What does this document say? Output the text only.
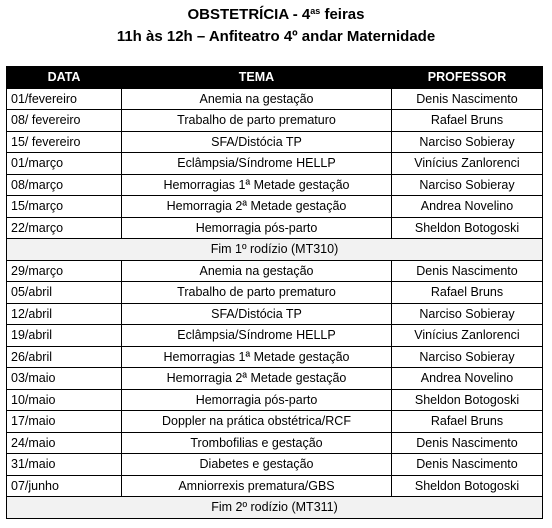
OBSTETRÍCIA - $4^{as}$ feiras
11h às 12h – Anfiteatro 4º andar Maternidade
DATA	TEMA	PROFESSOR
01/fevereiro	Anemia na gestação	Denis Nascimento
08/ fevereiro	Trabalho de parto prematuro	Rafael Bruns
15/ fevereiro	SFA/Distócia TP	Narciso Sobieray
01/março	Eclâmpsia/Síndrome HELLP	Vinícius Zanlorenci
08/março	Hemorragias 1ª Metade gestação	Narciso Sobieray
15/março	Hemorragia 2ª Metade gestação	Andrea Novelino
22/março	Hemorragia pós-parto	Sheldon Botogoski
Fim 1º rodízio (MT310)		
29/março	Anemia na gestação	Denis Nascimento
05/abril	Trabalho de parto prematuro	Rafael Bruns
12/abril	SFA/Distócia TP	Narciso Sobieray
19/abril	Eclâmpsia/Síndrome HELLP	Vinícius Zanlorenci
26/abril	Hemorragias 1ª Metade gestação	Narciso Sobieray
03/maio	Hemorragia 2ª Metade gestação	Andrea Novelino
10/maio	Hemorragia pós-parto	Sheldon Botogoski
17/maio	Doppler na prática obstétrica/RCF	Rafael Bruns
24/maio	Trombofilias e gestação	Denis Nascimento
31/maio	Diabetes e gestação	Denis Nascimento
07/junho	Amniorrexis prematura/GBS	Sheldon Botogoski
Fim 2º rodízio (MT311)		
